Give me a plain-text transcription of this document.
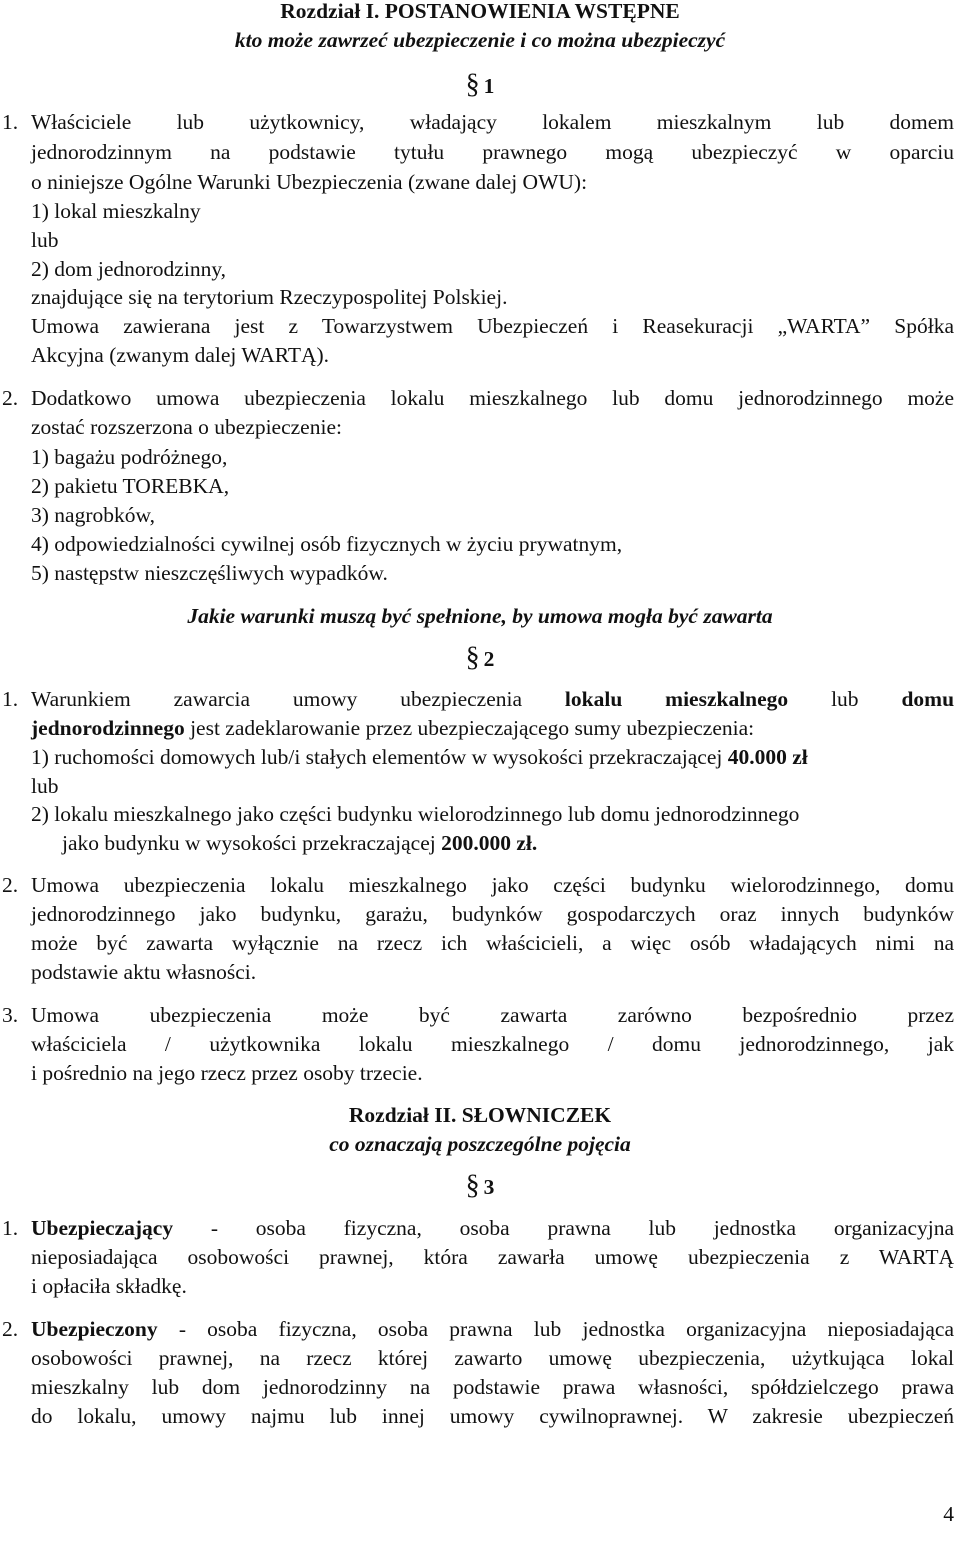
Rozdział I. POSTANOWIENIA WSTĘPNE
kto może zawrzeć ubezpieczenie i co można ubezpieczyć
§ 1
1. Właściciele lub użytkownicy, władający lokalem mieszkalnym lub domem
jednorodzinnym na podstawie tytułu prawnego mogą ubezpieczyć w oparciu
o niniejsze Ogólne Warunki Ubezpieczenia (zwane dalej OWU):
1) lokal mieszkalny
lub
2) dom jednorodzinny,
znajdujące się na terytorium Rzeczypospolitej Polskiej.
Umowa zawierana jest z Towarzystwem Ubezpieczeń i Reasekuracji „WARTA” Spółka
Akcyjna (zwanym dalej WARTĄ).
2. Dodatkowo umowa ubezpieczenia lokalu mieszkalnego lub domu jednorodzinnego może
zostać rozszerzona o ubezpieczenie:
1) bagażu podróżnego,
2) pakietu TOREBKA,
3) nagrobków,
4) odpowiedzialności cywilnej osób fizycznych w życiu prywatnym,
5) następstw nieszczęśliwych wypadków.
Jakie warunki muszą być spełnione, by umowa mogła być zawarta
§ 2
1. Warunkiem zawarcia umowy ubezpieczenia lokalu mieszkalnego lub domu
jednorodzinnego jest zadeklarowanie przez ubezpieczającego sumy ubezpieczenia:
1) ruchomości domowych lub/i stałych elementów w wysokości przekraczającej 40.000 zł
lub
2) lokalu mieszkalnego jako części budynku wielorodzinnego lub domu jednorodzinnego
jako budynku w wysokości przekraczającej 200.000 zł.
2. Umowa ubezpieczenia lokalu mieszkalnego jako części budynku wielorodzinnego, domu
jednorodzinnego jako budynku, garażu, budynków gospodarczych oraz innych budynków
może być zawarta wyłącznie na rzecz ich właścicieli, a więc osób władających nimi na
podstawie aktu własności.
3. Umowa ubezpieczenia może być zawarta zarówno bezpośrednio przez
właściciela / użytkownika lokalu mieszkalnego / domu jednorodzinnego, jak
i pośrednio na jego rzecz przez osoby trzecie.
Rozdział II. SŁOWNICZEK
co oznaczają poszczególne pojęcia
§ 3
1. Ubezpieczający - osoba fizyczna, osoba prawna lub jednostka organizacyjna
nieposiadająca osobowości prawnej, która zawarła umowę ubezpieczenia z WARTĄ
i opłaciła składkę.
2. Ubezpieczony - osoba fizyczna, osoba prawna lub jednostka organizacyjna nieposiadająca
osobowości prawnej, na rzecz której zawarto umowę ubezpieczenia, użytkująca lokal
mieszkalny lub dom jednorodzinny na podstawie prawa własności, spółdzielczego prawa
do lokalu, umowy najmu lub innej umowy cywilnoprawnej. W zakresie ubezpieczeń
4
